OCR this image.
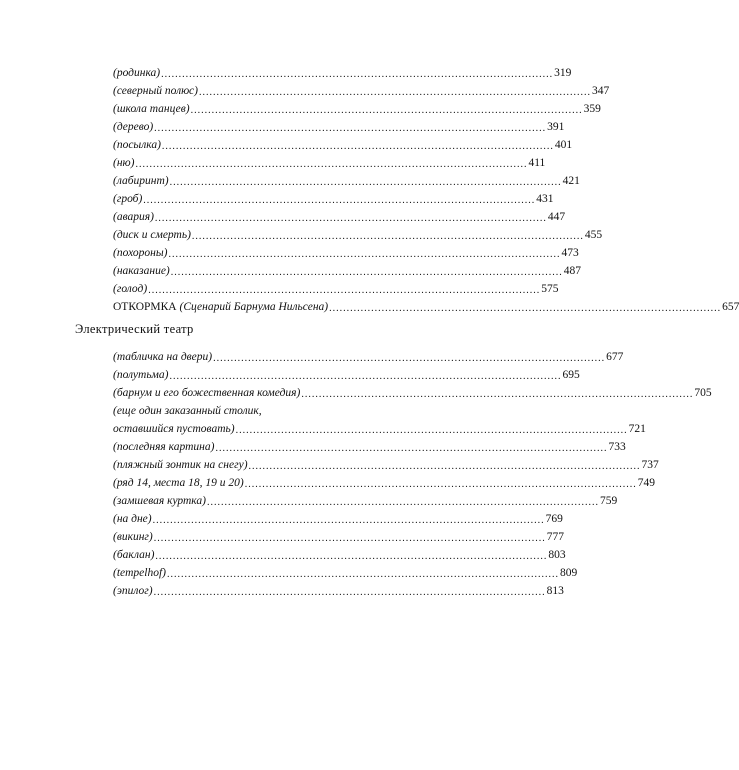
(родинка) ................................................................................................................ 319
(северный полюс) ................................................................................................................ 347
(школа танцев) ................................................................................................................ 359
(дерево) ................................................................................................................ 391
(посылка) ................................................................................................................ 401
(ню) ................................................................................................................ 411
(лабиринт) ................................................................................................................ 421
(гроб) ................................................................................................................ 431
(авария) ................................................................................................................ 447
(диск и смерть) ................................................................................................................ 455
(похороны) ................................................................................................................ 473
(наказание) ................................................................................................................ 487
(голод) ................................................................................................................ 575
ОТКОРМКА (Сценарий Барнума Нильсена) ................................................................................................................ 657
Электрический театр
(табличка на двери) ................................................................................................................ 677
(полутьма) ................................................................................................................ 695
(барнум и его божественная комедия) ................................................................................................................ 705
(еще один заказанный столик,
оставшийся пустовать) ................................................................................................................ 721
(последняя картина) ................................................................................................................ 733
(пляжный зонтик на снегу) ................................................................................................................ 737
(ряд 14, места 18, 19 и 20) ................................................................................................................ 749
(замшевая куртка) ................................................................................................................ 759
(на дне) ................................................................................................................ 769
(викинг) ................................................................................................................ 777
(баклан) ................................................................................................................ 803
(tempelhof) ................................................................................................................ 809
(эпилог) ................................................................................................................ 813
